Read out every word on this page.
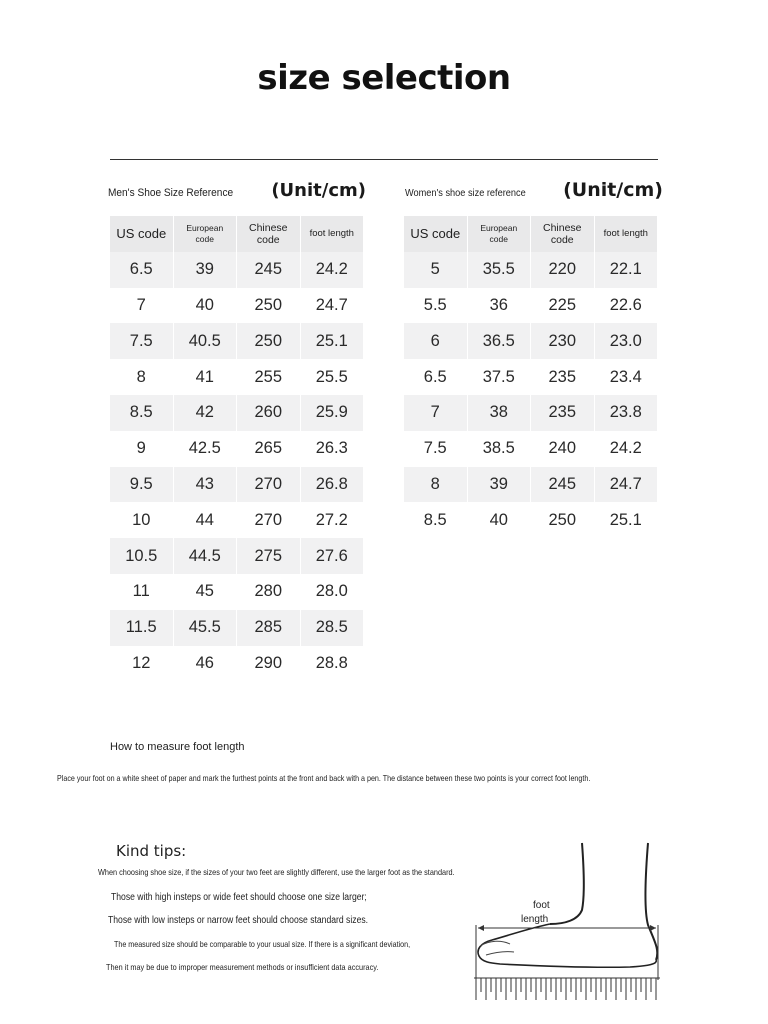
size selection
Men's Shoe Size Reference (Unit/cm)
US code	European code	Chinese code	foot length
6.5	39	245	24.2
7	40	250	24.7
7.5	40.5	250	25.1
8	41	255	25.5
8.5	42	260	25.9
9	42.5	265	26.3
9.5	43	270	26.8
10	44	270	27.2
10.5	44.5	275	27.6
11	45	280	28.0
11.5	45.5	285	28.5
12	46	290	28.8
Women's shoe size reference (Unit/cm)
US code	European code	Chinese code	foot length
5	35.5	220	22.1
5.5	36	225	22.6
6	36.5	230	23.0
6.5	37.5	235	23.4
7	38	235	23.8
7.5	38.5	240	24.2
8	39	245	24.7
8.5	40	250	25.1
How to measure foot length
Place your foot on a white sheet of paper and mark the furthest points at the front and back with a pen. The distance between these two points is your correct foot length.
Kind tips:
When choosing shoe size, if the sizes of your two feet are slightly different, use the larger foot as the standard.
Those with high insteps or wide feet should choose one size larger;
Those with low insteps or narrow feet should choose standard sizes.
The measured size should be comparable to your usual size. If there is a significant deviation,
Then it may be due to improper measurement methods or insufficient data accuracy.
foot
length
